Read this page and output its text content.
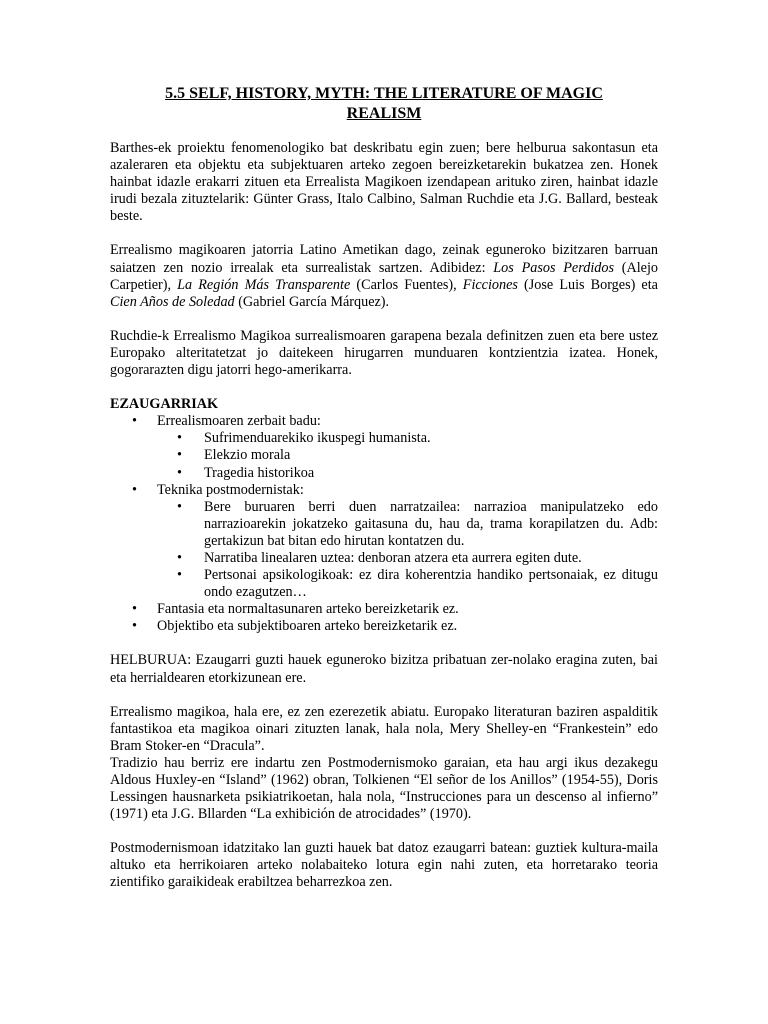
5.5 SELF, HISTORY, MYTH: THE LITERATURE OF MAGIC REALISM

Barthes-ek proiektu fenomenologiko bat deskribatu egin zuen; bere helburua sakontasun eta azaleraren eta objektu eta subjektuaren arteko zegoen bereizketarekin bukatzea zen. Honek hainbat idazle erakarri zituen eta Errealista Magikoen izendapean arituko ziren, hainbat idazle irudi bezala zituztelarik: Günter Grass, Italo Calbino, Salman Ruchdie eta J.G. Ballard, besteak beste.

Errealismo magikoaren jatorria Latino Ametikan dago, zeinak eguneroko bizitzaren barruan saiatzen zen nozio irrealak eta surrealistak sartzen. Adibidez: Los Pasos Perdidos (Alejo Carpetier), La Región Más Transparente (Carlos Fuentes), Ficciones (Jose Luis Borges) eta Cien Años de Soledad (Gabriel García Márquez).

Ruchdie-k Errealismo Magikoa surrealismoaren garapena bezala definitzen zuen eta bere ustez Europako alteritatetzat jo daitekeen hirugarren munduaren kontzientzia izatea. Honek, gogorarazten digu jatorri hego-amerikarra.

EZAUGARRIAK
• Errealismoaren zerbait badu:
• Sufrimenduarekiko ikuspegi humanista.
• Elekzio morala
• Tragedia historikoa
• Teknika postmodernistak:
• Bere buruaren berri duen narratzailea: narrazioa manipulatzeko edo narrazioarekin jokatzeko gaitasuna du, hau da, trama korapilatzen du. Adb: gertakizun bat bitan edo hirutan kontatzen du.
• Narratiba linealaren uztea: denboran atzera eta aurrera egiten dute.
• Pertsonai apsikologikoak: ez dira koherentzia handiko pertsonaiak, ez ditugu ondo ezagutzen…
• Fantasia eta normaltasunaren arteko bereizketarik ez.
• Objektibo eta subjektiboaren arteko bereizketarik ez.

HELBURUA: Ezaugarri guzti hauek eguneroko bizitza pribatuan zer-nolako eragina zuten, bai eta herrialdearen etorkizunean ere.

Errealismo magikoa, hala ere, ez zen ezerezetik abiatu. Europako literaturan baziren aspalditik fantastikoa eta magikoa oinari zituzten lanak, hala nola, Mery Shelley-en “Frankestein” edo Bram Stoker-en “Dracula”.

Tradizio hau berriz ere indartu zen Postmodernismoko garaian, eta hau argi ikus dezakegu Aldous Huxley-en “Island” (1962) obran, Tolkienen “El señor de los Anillos” (1954-55), Doris Lessingen hausnarketa psikiatrikoetan, hala nola, “Instrucciones para un descenso al infierno” (1971) eta J.G. Bllarden “La exhibición de atrocidades” (1970).

Postmodernismoan idatzitako lan guzti hauek bat datoz ezaugarri batean: guztiek kultura-maila altuko eta herrikoiaren arteko nolabaiteko lotura egin nahi zuten, eta horretarako teoria zientifiko garaikideak erabiltzea beharrezkoa zen.
